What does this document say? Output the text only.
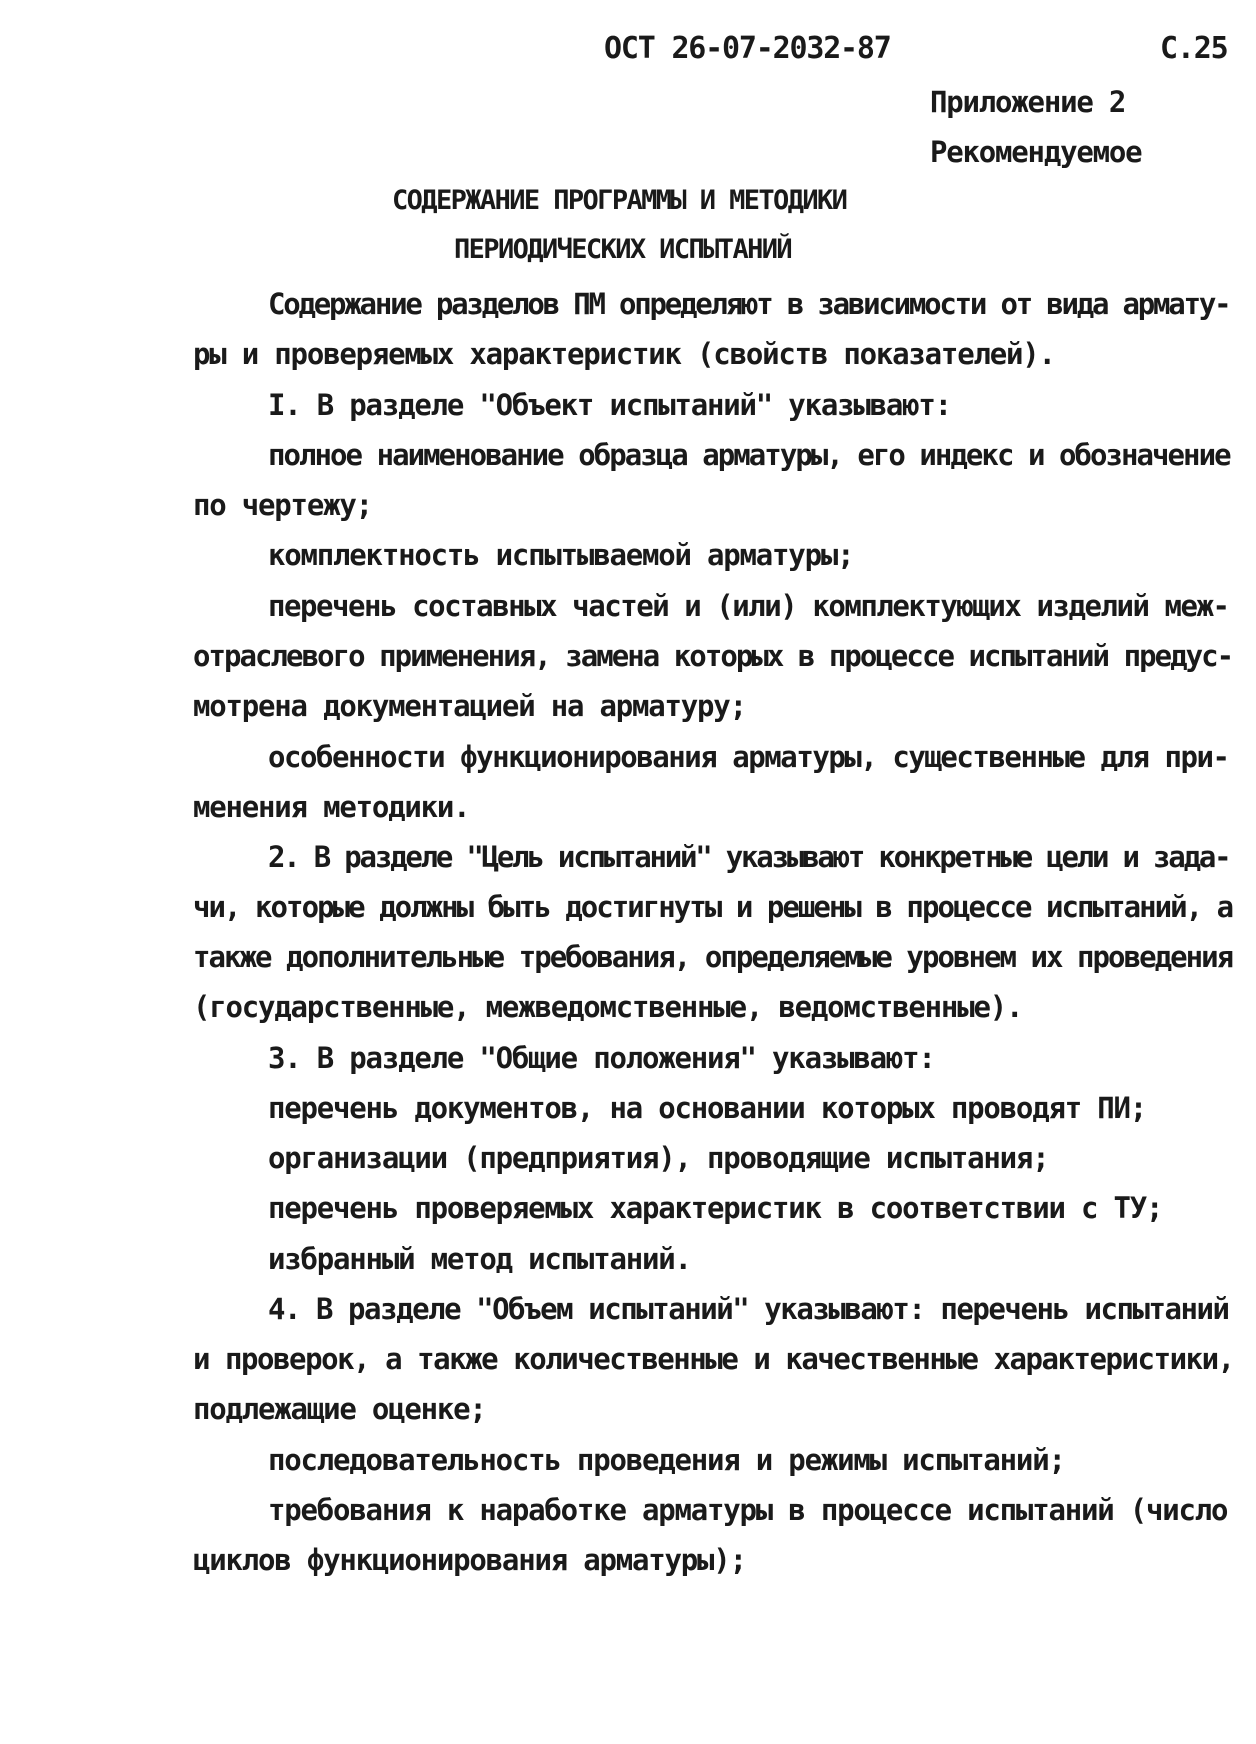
ОСТ 26-07-2032-87	С.25
Приложение 2
Рекомендуемое
СОДЕРЖАНИЕ ПРОГРАММЫ И МЕТОДИКИ
ПЕРИОДИЧЕСКИХ ИСПЫТАНИЙ
Содержание разделов ПМ определяют в зависимости от вида армату-
ры и проверяемых характеристик (свойств показателей).
I. В разделе "Объект испытаний" указывают:
полное наименование образца арматуры, его индекс и обозначение
по чертежу;
комплектность испытываемой арматуры;
перечень составных частей и (или) комплектующих изделий меж-
отраслевого применения, замена которых в процессе испытаний предус-
мотрена документацией на арматуру;
особенности функционирования арматуры, существенные для при-
менения методики.
2. В разделе "Цель испытаний" указывают конкретные цели и зада-
чи, которые должны быть достигнуты и решены в процессе испытаний, а
также дополнительные требования, определяемые уровнем их проведения
(государственные, межведомственные, ведомственные).
3. В разделе "Общие положения" указывают:
перечень документов, на основании которых проводят ПИ;
организации (предприятия), проводящие испытания;
перечень проверяемых характеристик в соответствии с ТУ;
избранный метод испытаний.
4. В разделе "Объем испытаний" указывают: перечень испытаний
и проверок, а также количественные и качественные характеристики,
подлежащие оценке;
последовательность проведения и режимы испытаний;
требования к наработке арматуры в процессе испытаний (число
циклов функционирования арматуры);
